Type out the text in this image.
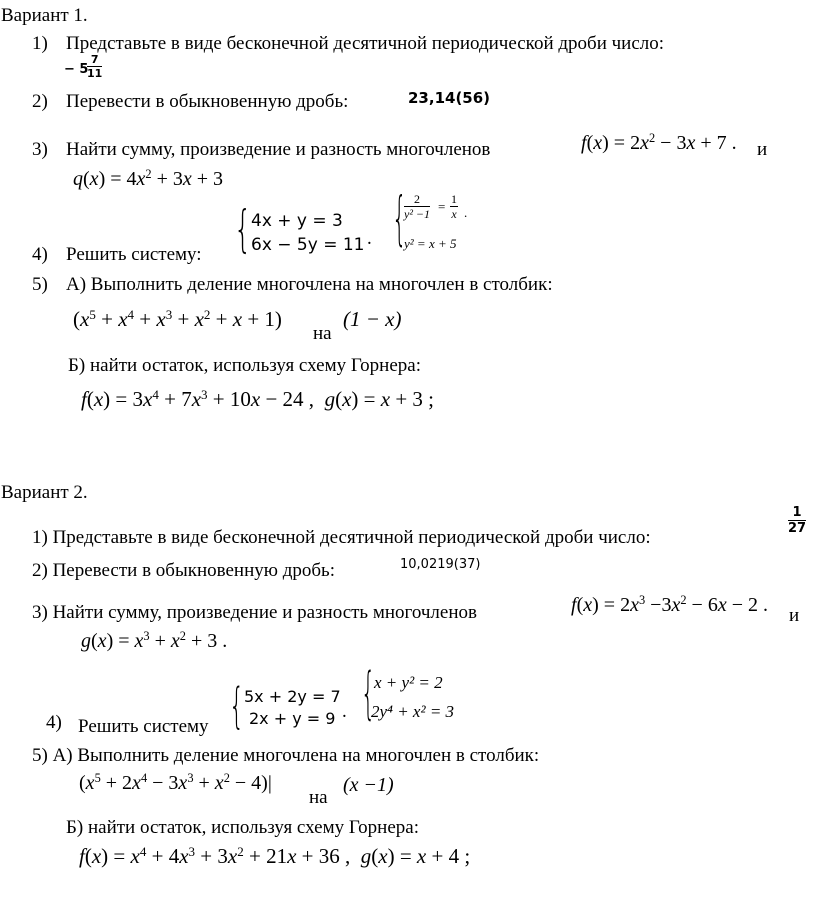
Вариант 1.
1) Представьте в виде бесконечной десятичной периодической дроби число:
− 5
$\frac{7}{11}$
2) Перевести в обыкновенную дробь:	23,14(56)
3) Найти сумму, произведение и разность многочленов	$f(x) = 2x^2 - 3x + 7$ . и
$q(x) = 4x^2 + 3x + 3$
4) Решить систему: { 4x + y = 3
6x − 5y = 11 . {
$\frac{2}{\text{y² −1}} = \frac{1}{x}$ .
y² = x + 5
5) А) Выполнить деление многочлена на многочлен в столбик:
$(x^5 + x^4 + x^3 + x^2 + x + 1)$
на
(1 − x)
Б) найти остаток, используя схему Горнера:
$f(x) = 3x^4 + 7x^3 + 10x - 24$ ,  g(x) = x + 3 ;
Вариант 2.
1) Представьте в виде бесконечной десятичной периодической дроби число:
$\frac{1}{27}$
2) Перевести в обыкновенную дробь:	10,0219(37)
3) Найти сумму, произведение и разность многочленов	$f(x) = 2x^3 -3x^2 - 6x - 2$ . и
$g(x) = x^3 + x^2 + 3$ .
4) Решить систему { 5x + 2y = 7
2x + y = 9 . {
x + y² = 2
2y⁴ + x² = 3
5) А) Выполнить деление многочлена на многочлен в столбик:
$(x^5 + 2x^4 - 3x^3 + x^2 - 4)|$
на
(x −1)
Б) найти остаток, используя схему Горнера:
$f(x) = x^4 + 4x^3 + 3x^2 + 21x + 36$ ,  g(x) = x + 4 ;
